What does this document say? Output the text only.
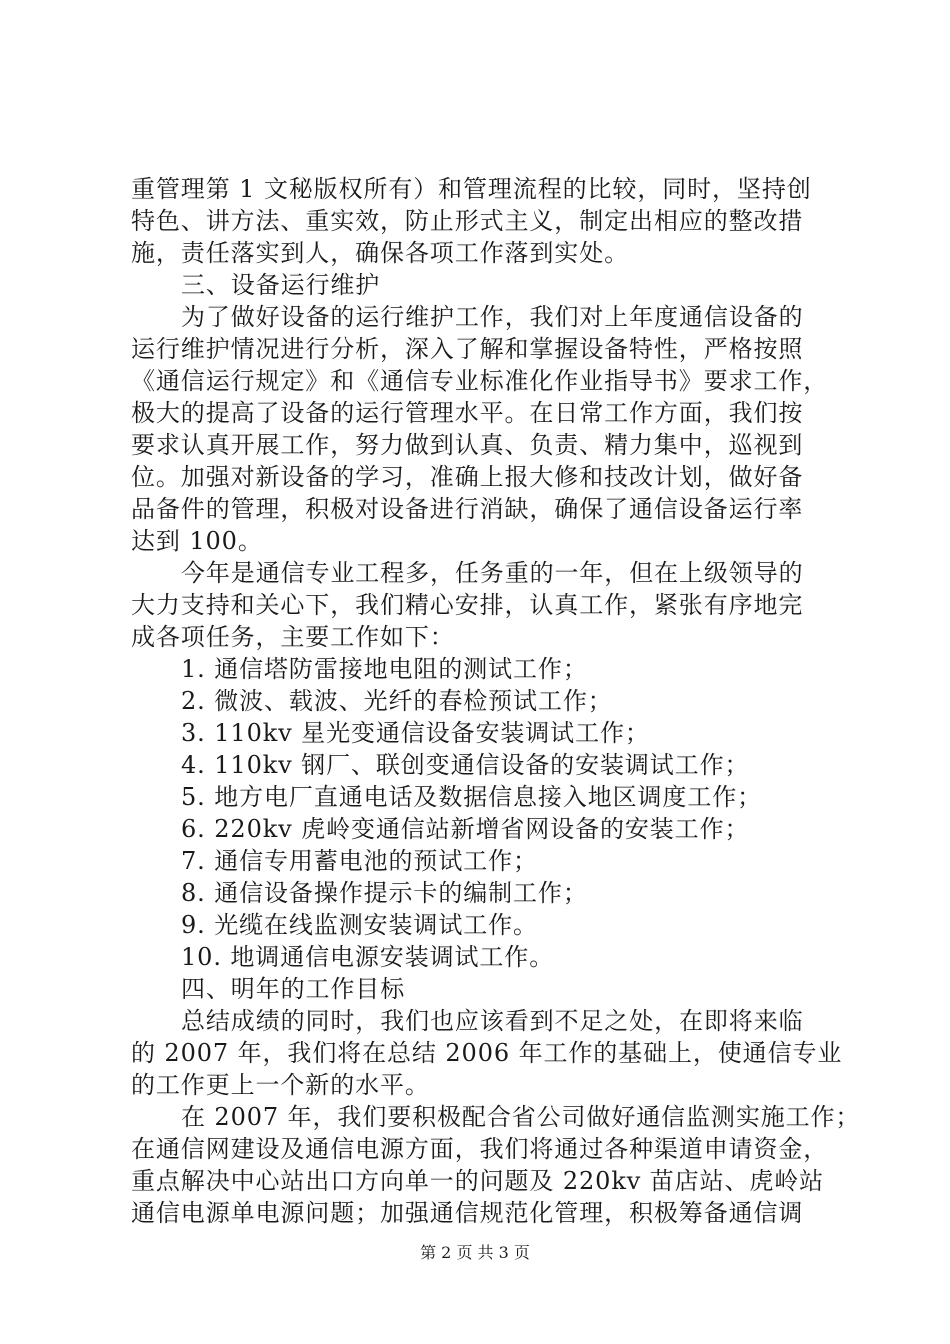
重管理第 1 文秘版权所有）和管理流程的比较，同时，坚持创
特色、讲方法、重实效，防止形式主义，制定出相应的整改措
施，责任落实到人，确保各项工作落到实处。
三、设备运行维护
为了做好设备的运行维护工作，我们对上年度通信设备的
运行维护情况进行分析，深入了解和掌握设备特性，严格按照
《通信运行规定》和《通信专业标准化作业指导书》要求工作，
极大的提高了设备的运行管理水平。在日常工作方面，我们按
要求认真开展工作，努力做到认真、负责、精力集中，巡视到
位。加强对新设备的学习，准确上报大修和技改计划，做好备
品备件的管理，积极对设备进行消缺，确保了通信设备运行率
达到 100。
今年是通信专业工程多，任务重的一年，但在上级领导的
大力支持和关心下，我们精心安排，认真工作，紧张有序地完
成各项任务，主要工作如下：
1. 通信塔防雷接地电阻的测试工作；
2. 微波、载波、光纤的春检预试工作；
3. 110kv 星光变通信设备安装调试工作；
4. 110kv 钢厂、联创变通信设备的安装调试工作；
5. 地方电厂直通电话及数据信息接入地区调度工作；
6. 220kv 虎岭变通信站新增省网设备的安装工作；
7. 通信专用蓄电池的预试工作；
8. 通信设备操作提示卡的编制工作；
9. 光缆在线监测安装调试工作。
10. 地调通信电源安装调试工作。
四、明年的工作目标
总结成绩的同时，我们也应该看到不足之处，在即将来临
的 2007 年，我们将在总结 2006 年工作的基础上，使通信专业
的工作更上一个新的水平。
在 2007 年，我们要积极配合省公司做好通信监测实施工作；
在通信网建设及通信电源方面，我们将通过各种渠道申请资金，
重点解决中心站出口方向单一的问题及 220kv 苗店站、虎岭站
通信电源单电源问题；加强通信规范化管理，积极筹备通信调
第 2 页 共 3 页
